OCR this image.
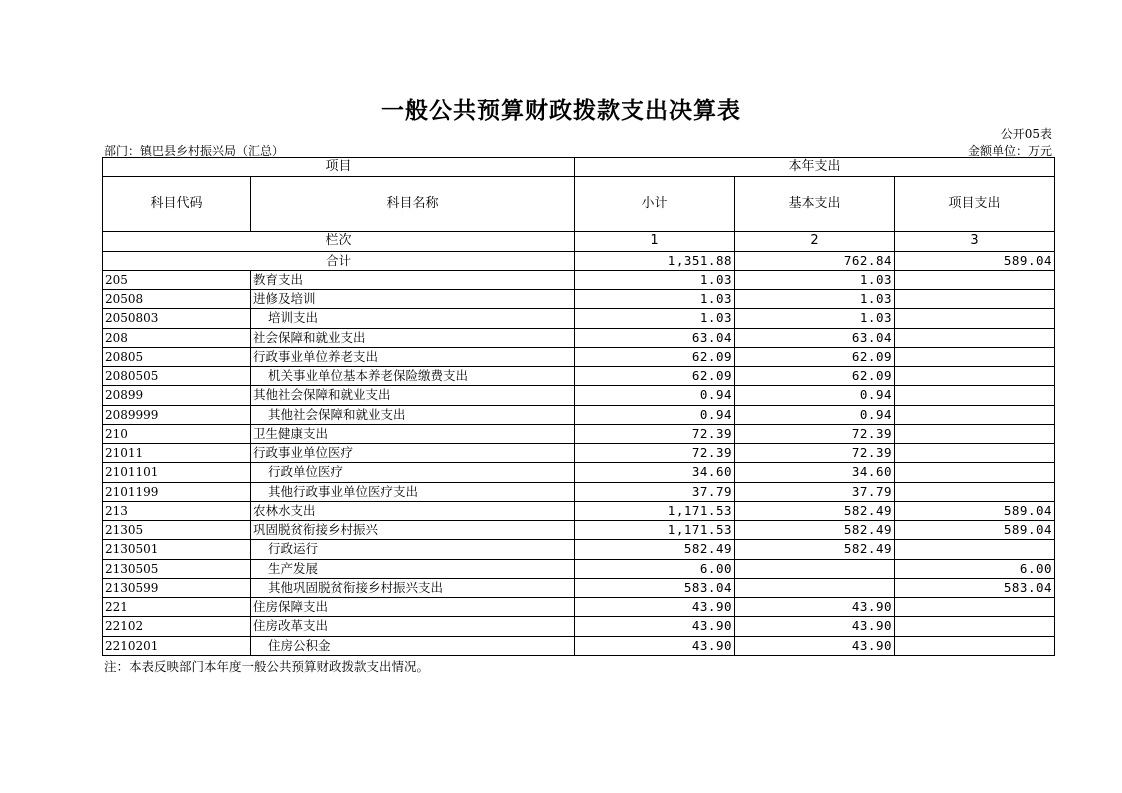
一般公共预算财政拨款支出决算表
公开05表
部门：镇巴县乡村振兴局（汇总）	金额单位：万元
项目		本年支出		
科目代码	科目名称	小计	基本支出	项目支出
栏次		1	2	3
合计		1,351.88	762.84	589.04
205	教育支出	1.03	1.03	
20508	进修及培训	1.03	1.03	
2050803	培训支出	1.03	1.03	
208	社会保障和就业支出	63.04	63.04	
20805	行政事业单位养老支出	62.09	62.09	
2080505	机关事业单位基本养老保险缴费支出	62.09	62.09	
20899	其他社会保障和就业支出	0.94	0.94	
2089999	其他社会保障和就业支出	0.94	0.94	
210	卫生健康支出	72.39	72.39	
21011	行政事业单位医疗	72.39	72.39	
2101101	行政单位医疗	34.60	34.60	
2101199	其他行政事业单位医疗支出	37.79	37.79	
213	农林水支出	1,171.53	582.49	589.04
21305	巩固脱贫衔接乡村振兴	1,171.53	582.49	589.04
2130501	行政运行	582.49	582.49	
2130505	生产发展	6.00		6.00
2130599	其他巩固脱贫衔接乡村振兴支出	583.04		583.04
221	住房保障支出	43.90	43.90	
22102	住房改革支出	43.90	43.90	
2210201	住房公积金	43.90	43.90	
注：本表反映部门本年度一般公共预算财政拨款支出情况。
